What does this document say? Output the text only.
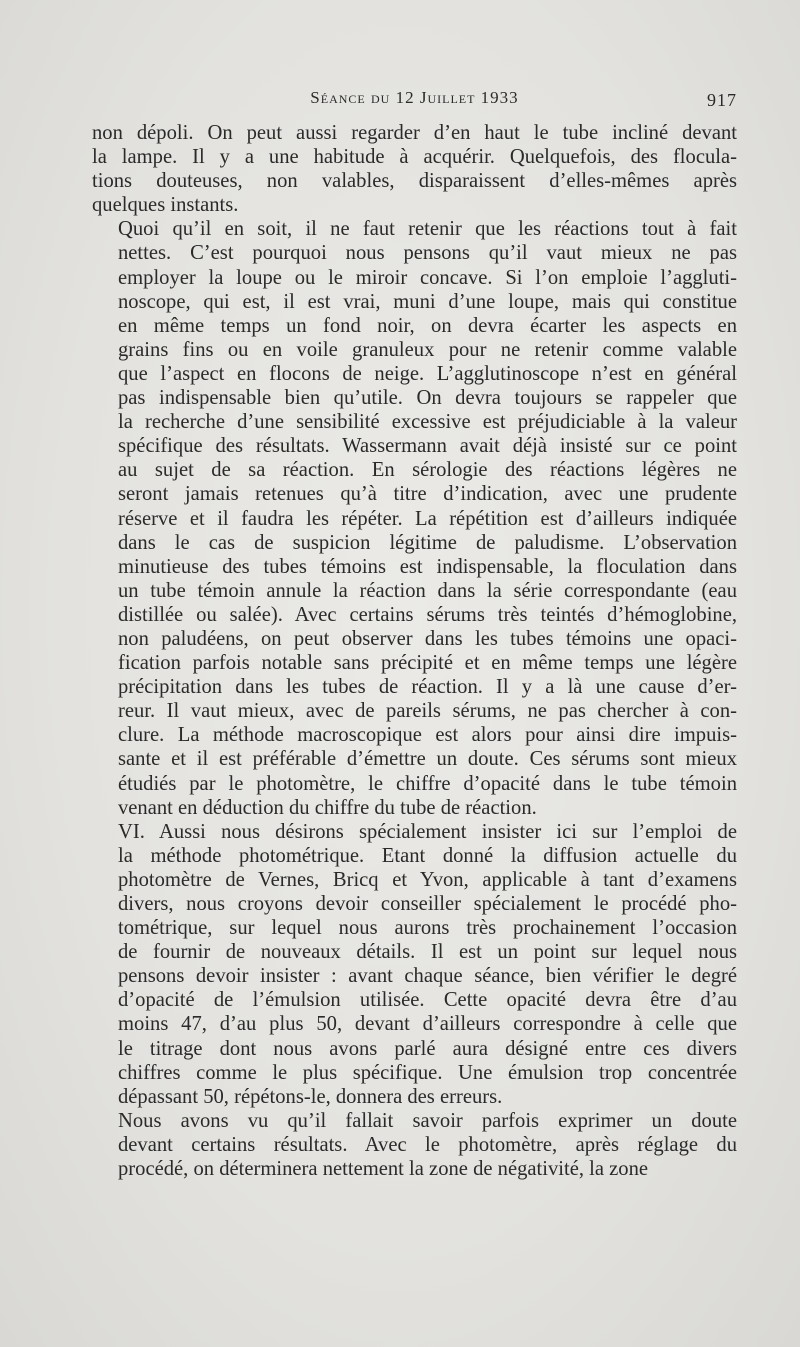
Séance du 12 Juillet 1933	917
non dépoli. On peut aussi regarder d’en haut le tube incliné devant
la lampe. Il y a une habitude à acquérir. Quelquefois, des flocula-
tions douteuses, non valables, disparaissent d’elles-mêmes après
quelques instants.
Quoi qu’il en soit, il ne faut retenir que les réactions tout à fait
nettes. C’est pourquoi nous pensons qu’il vaut mieux ne pas
employer la loupe ou le miroir concave. Si l’on emploie l’aggluti-
noscope, qui est, il est vrai, muni d’une loupe, mais qui constitue
en même temps un fond noir, on devra écarter les aspects en
grains fins ou en voile granuleux pour ne retenir comme valable
que l’aspect en flocons de neige. L’agglutinoscope n’est en général
pas indispensable bien qu’utile. On devra toujours se rappeler que
la recherche d’une sensibilité excessive est préjudiciable à la valeur
spécifique des résultats. Wassermann avait déjà insisté sur ce point
au sujet de sa réaction. En sérologie des réactions légères ne
seront jamais retenues qu’à titre d’indication, avec une prudente
réserve et il faudra les répéter. La répétition est d’ailleurs indiquée
dans le cas de suspicion légitime de paludisme. L’observation
minutieuse des tubes témoins est indispensable, la floculation dans
un tube témoin annule la réaction dans la série correspondante (eau
distillée ou salée). Avec certains sérums très teintés d’hémoglobine,
non paludéens, on peut observer dans les tubes témoins une opaci-
fication parfois notable sans précipité et en même temps une légère
précipitation dans les tubes de réaction. Il y a là une cause d’er-
reur. Il vaut mieux, avec de pareils sérums, ne pas chercher à con-
clure. La méthode macroscopique est alors pour ainsi dire impuis-
sante et il est préférable d’émettre un doute. Ces sérums sont mieux
étudiés par le photomètre, le chiffre d’opacité dans le tube témoin
venant en déduction du chiffre du tube de réaction.
VI. Aussi nous désirons spécialement insister ici sur l’emploi de
la méthode photométrique. Etant donné la diffusion actuelle du
photomètre de Vernes, Bricq et Yvon, applicable à tant d’examens
divers, nous croyons devoir conseiller spécialement le procédé pho-
tométrique, sur lequel nous aurons très prochainement l’occasion
de fournir de nouveaux détails. Il est un point sur lequel nous
pensons devoir insister : avant chaque séance, bien vérifier le degré
d’opacité de l’émulsion utilisée. Cette opacité devra être d’au
moins 47, d’au plus 50, devant d’ailleurs correspondre à celle que
le titrage dont nous avons parlé aura désigné entre ces divers
chiffres comme le plus spécifique. Une émulsion trop concentrée
dépassant 50, répétons-le, donnera des erreurs.
Nous avons vu qu’il fallait savoir parfois exprimer un doute
devant certains résultats. Avec le photomètre, après réglage du
procédé, on déterminera nettement la zone de négativité, la zone
